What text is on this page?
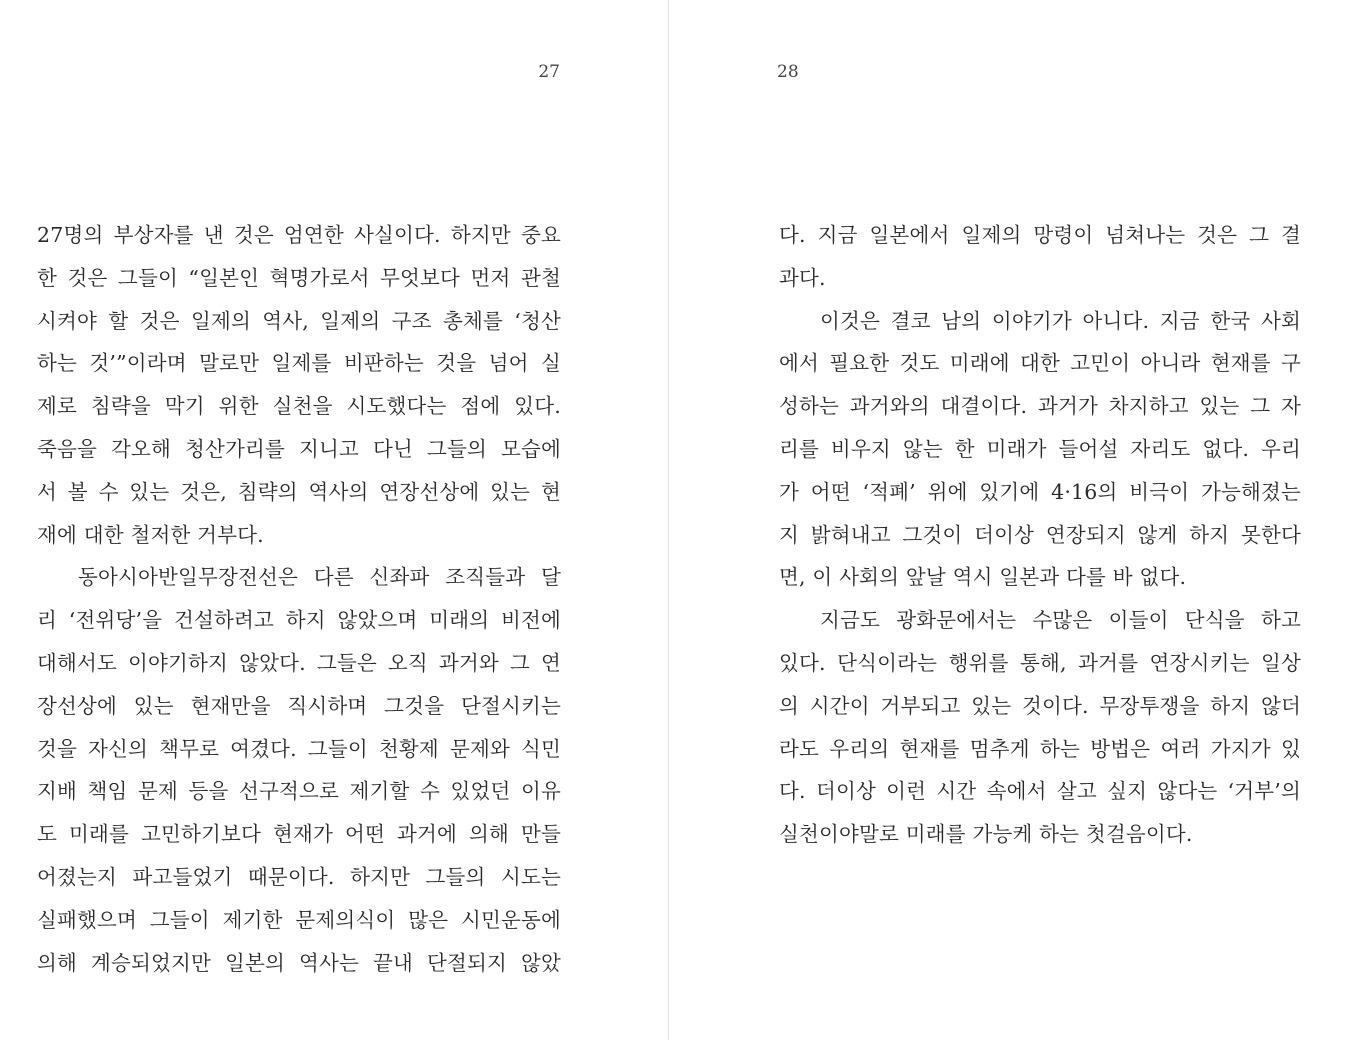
27
27명의 부상자를 낸 것은 엄연한 사실이다. 하지만 중요
한 것은 그들이 “일본인 혁명가로서 무엇보다 먼저 관철
시켜야 할 것은 일제의 역사, 일제의 구조 총체를 ‘청산
하는 것’”이라며 말로만 일제를 비판하는 것을 넘어 실
제로 침략을 막기 위한 실천을 시도했다는 점에 있다.
죽음을 각오해 청산가리를 지니고 다닌 그들의 모습에
서 볼 수 있는 것은, 침략의 역사의 연장선상에 있는 현
재에 대한 철저한 거부다.
동아시아반일무장전선은 다른 신좌파 조직들과 달
리 ‘전위당’을 건설하려고 하지 않았으며 미래의 비전에
대해서도 이야기하지 않았다. 그들은 오직 과거와 그 연
장선상에 있는 현재만을 직시하며 그것을 단절시키는
것을 자신의 책무로 여겼다. 그들이 천황제 문제와 식민
지배 책임 문제 등을 선구적으로 제기할 수 있었던 이유
도 미래를 고민하기보다 현재가 어떤 과거에 의해 만들
어졌는지 파고들었기 때문이다. 하지만 그들의 시도는
실패했으며 그들이 제기한 문제의식이 많은 시민운동에
의해 계승되었지만 일본의 역사는 끝내 단절되지 않았
28
다. 지금 일본에서 일제의 망령이 넘쳐나는 것은 그 결
과다.
이것은 결코 남의 이야기가 아니다. 지금 한국 사회
에서 필요한 것도 미래에 대한 고민이 아니라 현재를 구
성하는 과거와의 대결이다. 과거가 차지하고 있는 그 자
리를 비우지 않는 한 미래가 들어설 자리도 없다. 우리
가 어떤 ‘적폐’ 위에 있기에 4·16의 비극이 가능해졌는
지 밝혀내고 그것이 더이상 연장되지 않게 하지 못한다
면, 이 사회의 앞날 역시 일본과 다를 바 없다.
지금도 광화문에서는 수많은 이들이 단식을 하고
있다. 단식이라는 행위를 통해, 과거를 연장시키는 일상
의 시간이 거부되고 있는 것이다. 무장투쟁을 하지 않더
라도 우리의 현재를 멈추게 하는 방법은 여러 가지가 있
다. 더이상 이런 시간 속에서 살고 싶지 않다는 ‘거부’의
실천이야말로 미래를 가능케 하는 첫걸음이다.
